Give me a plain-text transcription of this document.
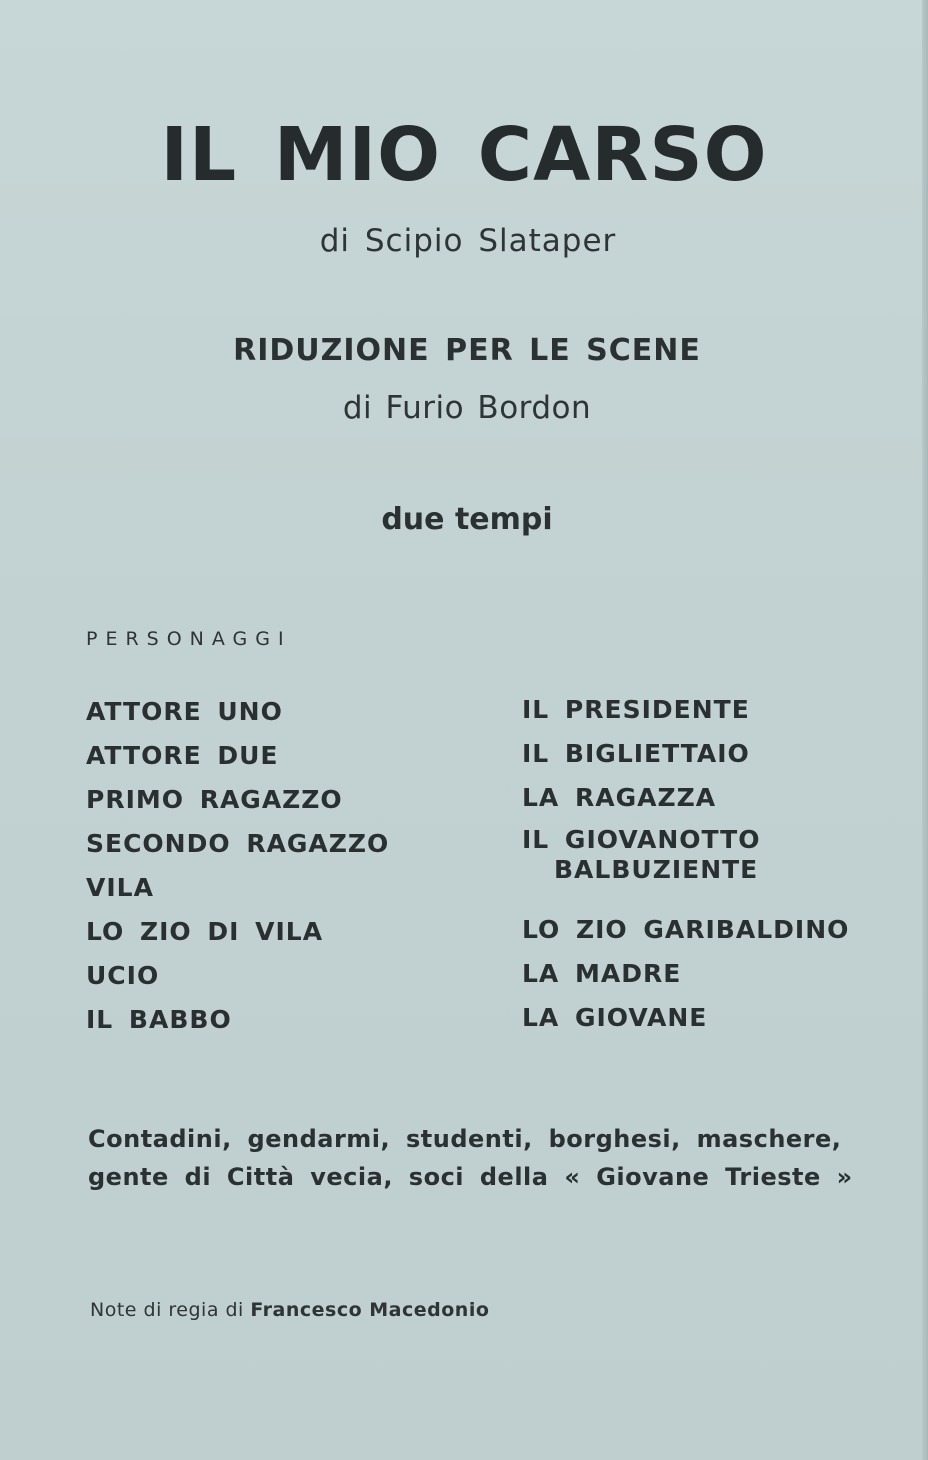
IL MIO CARSO
di Scipio Slataper
RIDUZIONE PER LE SCENE
di Furio Bordon
due tempi
PERSONAGGI
ATTORE UNO
ATTORE DUE
PRIMO RAGAZZO
SECONDO RAGAZZO
VILA
LO ZIO DI VILA
UCIO
IL BABBO
IL PRESIDENTE
IL BIGLIETTAIO
LA RAGAZZA
IL GIOVANOTTO
BALBUZIENTE
LO ZIO GARIBALDINO
LA MADRE
LA GIOVANE
Contadini, gendarmi, studenti, borghesi, maschere,
gente di Città vecia, soci della « Giovane Trieste »
Note di regia di Francesco Macedonio
